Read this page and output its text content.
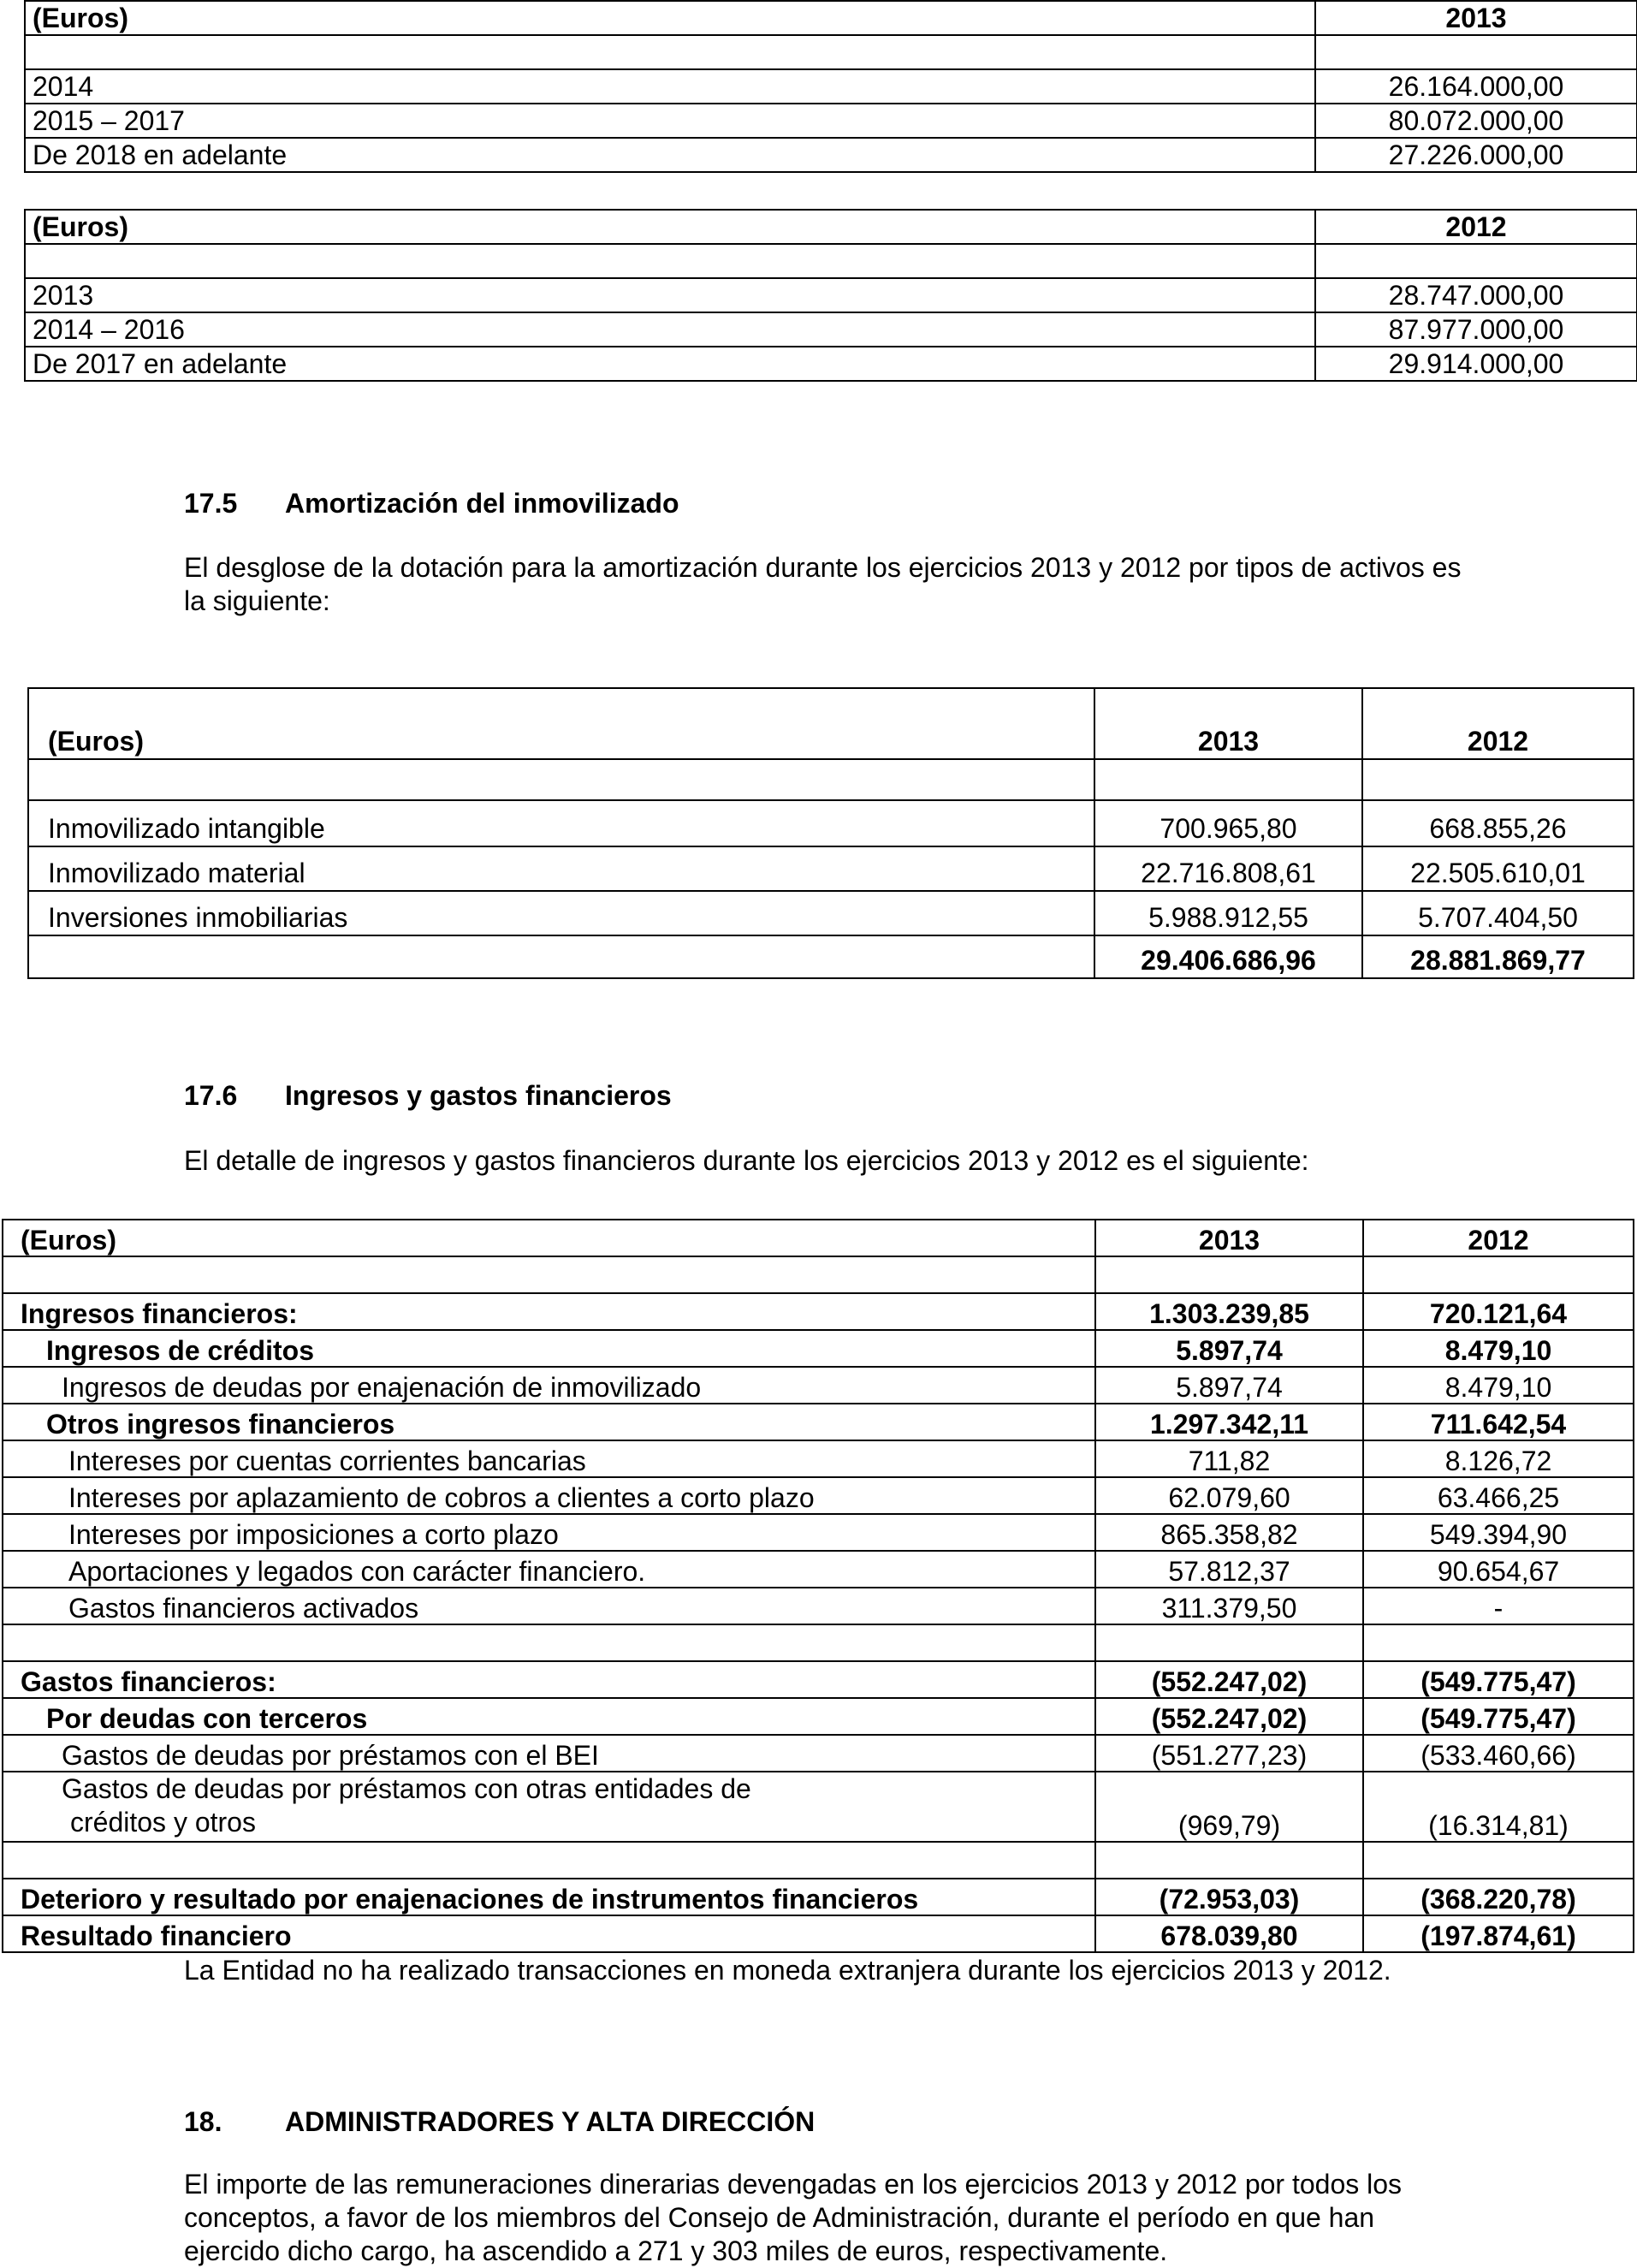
(Euros)	2013

2014	26.164.000,00
2015 – 2017	80.072.000,00
De 2018 en adelante	27.226.000,00
(Euros)	2012

2013	28.747.000,00
2014 – 2016	87.977.000,00
De 2017 en adelante	29.914.000,00
17.5 Amortización del inmovilizado
El desglose de la dotación para la amortización durante los ejercicios 2013 y 2012 por tipos de activos es
la siguiente:
(Euros)	2013	2012

Inmovilizado intangible	700.965,80	668.855,26
Inmovilizado material	22.716.808,61	22.505.610,01
Inversiones inmobiliarias	5.988.912,55	5.707.404,50
	29.406.686,96	28.881.869,77
17.6 Ingresos y gastos financieros
El detalle de ingresos y gastos financieros durante los ejercicios 2013 y 2012 es el siguiente:
(Euros)	2013	2012

Ingresos financieros:	1.303.239,85	720.121,64
Ingresos de créditos	5.897,74	8.479,10
Ingresos de deudas por enajenación de inmovilizado	5.897,74	8.479,10
Otros ingresos financieros	1.297.342,11	711.642,54
Intereses por cuentas corrientes bancarias	711,82	8.126,72
Intereses por aplazamiento de cobros a clientes a corto plazo	62.079,60	63.466,25
Intereses por imposiciones a corto plazo	865.358,82	549.394,90
Aportaciones y legados con carácter financiero.	57.812,37	90.654,67
Gastos financieros activados	311.379,50	-

Gastos financieros:	(552.247,02)	(549.775,47)
Por deudas con terceros	(552.247,02)	(549.775,47)
Gastos de deudas por préstamos con el BEI	(551.277,23)	(533.460,66)

Gastos de deudas por préstamos con otras entidades de
créditos y otros	(969,79)	(16.314,81)

Deterioro y resultado por enajenaciones de instrumentos financieros	(72.953,03)	(368.220,78)
Resultado financiero	678.039,80	(197.874,61)
La Entidad no ha realizado transacciones en moneda extranjera durante los ejercicios 2013 y 2012.
18. ADMINISTRADORES Y ALTA DIRECCIÓN
El importe de las remuneraciones dinerarias devengadas en los ejercicios 2013 y 2012 por todos los
conceptos, a favor de los miembros del Consejo de Administración, durante el período en que han
ejercido dicho cargo, ha ascendido a 271 y 303 miles de euros, respectivamente.
